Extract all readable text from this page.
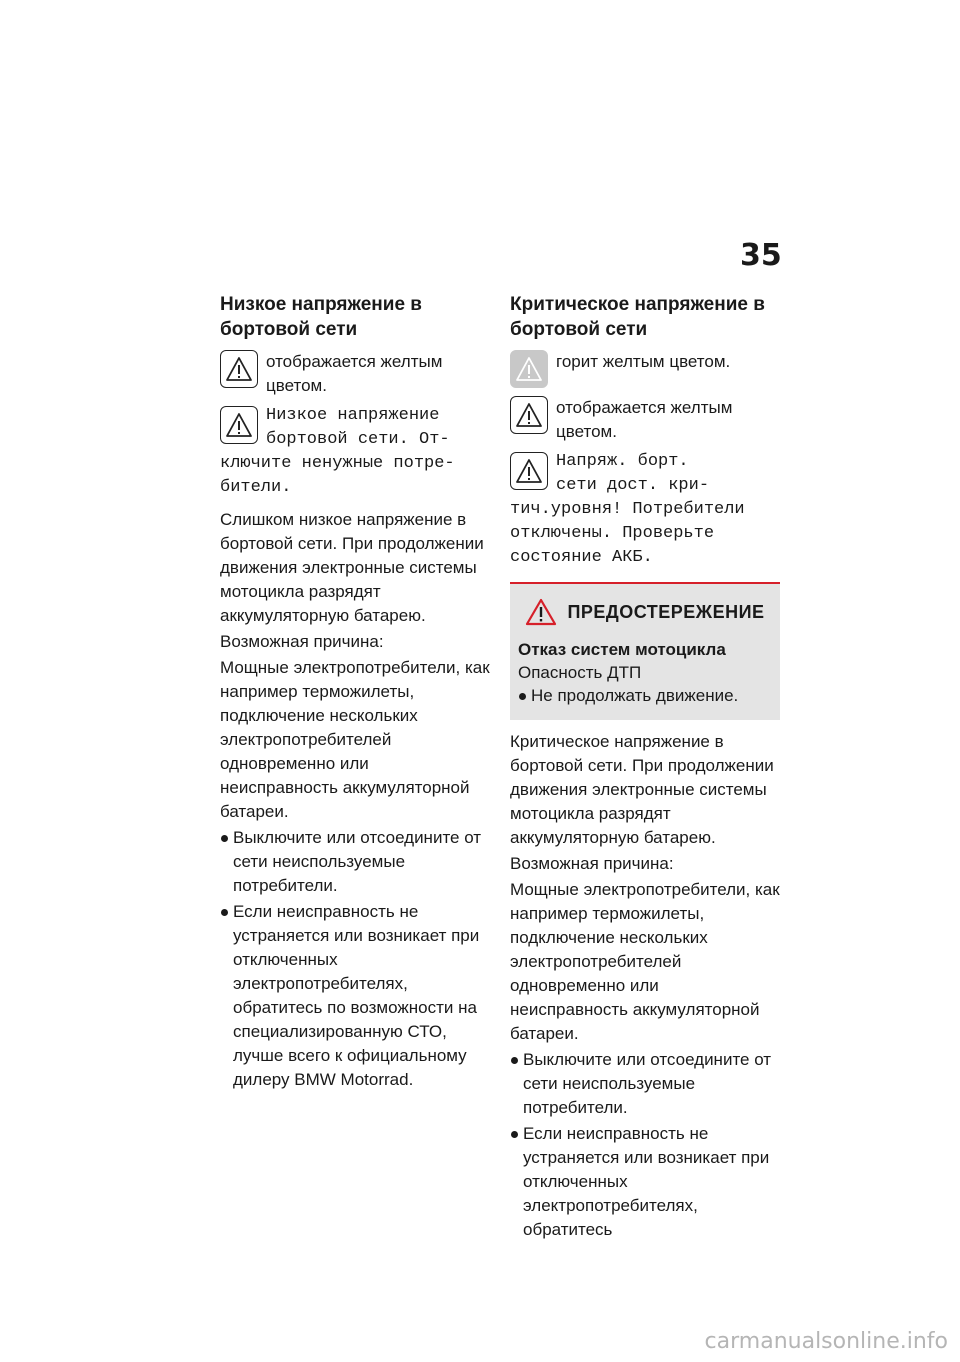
35
Низкое напряжение в бортовой сети
отображается желтым цветом.
Низкое напряжение
бортовой сети. От-
ключите ненужные потре-
бители.

Слишком низкое напряжение в бортовой сети. При продолжении движения электронные системы мотоцикла разрядят аккумуляторную батарею.

Возможная причина:

Мощные электропотребители, как например терможилеты, подключение нескольких электропотребителей одновременно или неисправность аккумуляторной батареи.

Выключите или отсоедините от сети неиспользуемые потребители.
Если неисправность не устраняется или возникает при отключенных электропотребителях, обратитесь по возможности на специализированную СТО, лучше всего к официальному дилеру BMW Motorrad.
Критическое напряжение в бортовой сети
горит желтым цветом.
отображается желтым цветом.
Напряж. борт.
сети дост. кри-
тич.уровня! Потребители
отключены. Проверьте
состояние АКБ.
ПРЕДОСТЕРЕЖЕНИЕ
Отказ систем мотоцикла
Опасность ДТП
Не продолжать движение.

Критическое напряжение в бортовой сети. При продолжении движения электронные системы мотоцикла разрядят аккумуляторную батарею.

Возможная причина:

Мощные электропотребители, как например терможилеты, подключение нескольких электропотребителей одновременно или неисправность аккумуляторной батареи.

Выключите или отсоедините от сети неиспользуемые потребители.
Если неисправность не устраняется или возникает при отключенных электропотребителях, обратитесь
carmanualsonline.info
